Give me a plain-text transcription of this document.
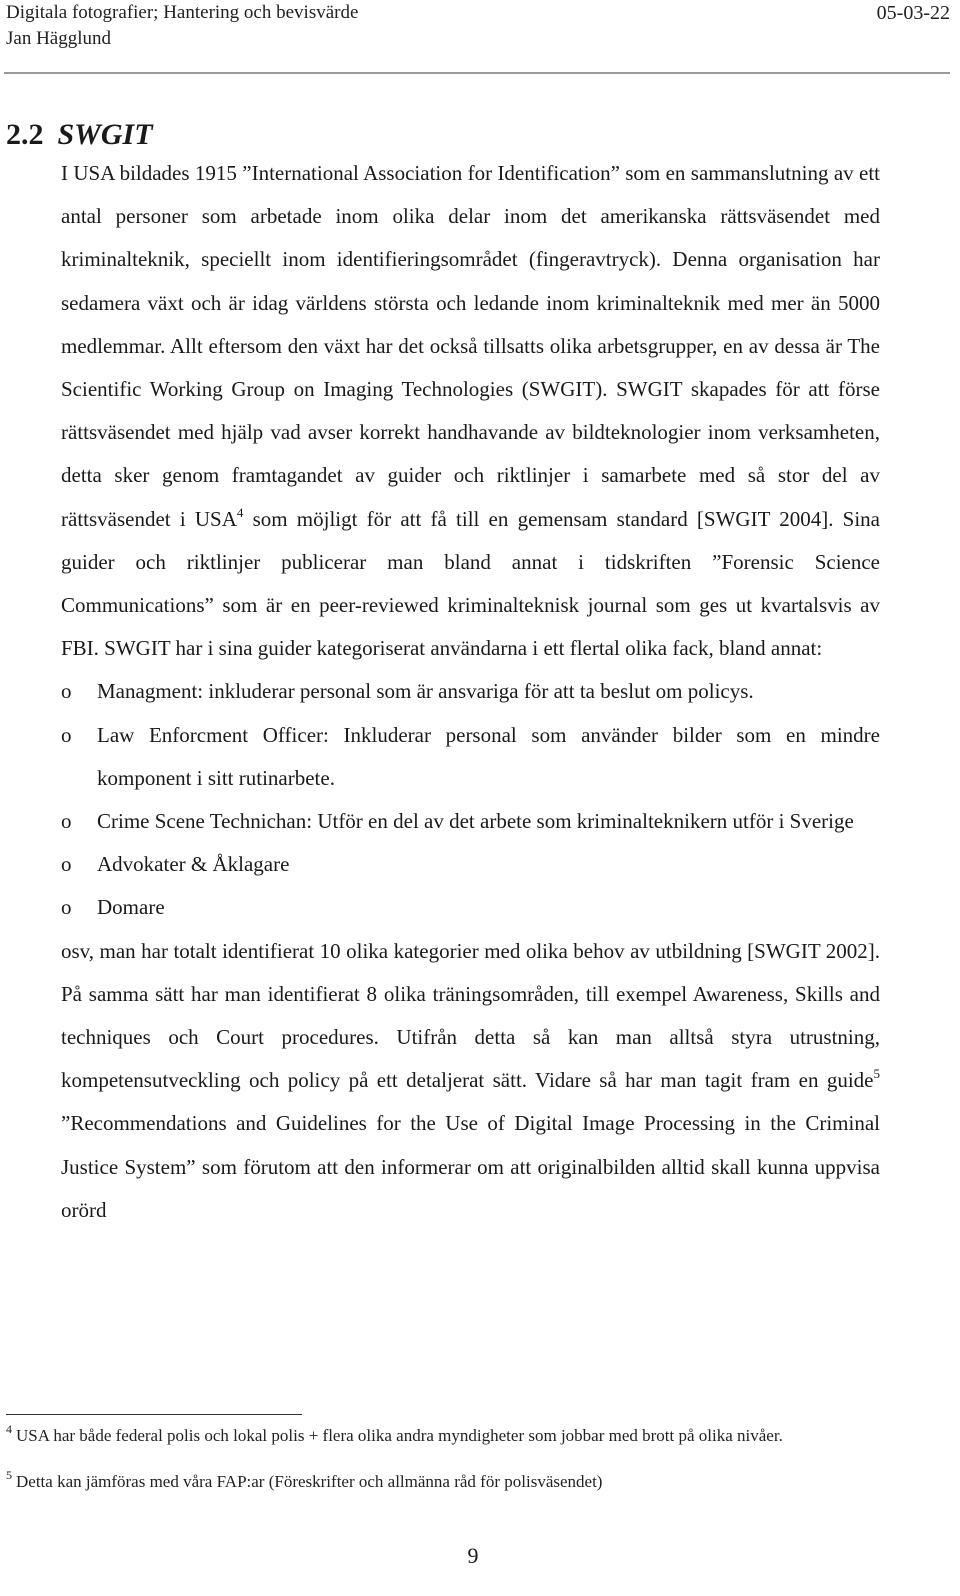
Digitala fotografier; Hantering och bevisvärde	05-03-22
Jan Hägglund
2.2 SWGIT

I USA bildades 1915 ”International Association for Identification” som en sammanslutning av ett antal personer som arbetade inom olika delar inom det amerikanska rättsväsendet med kriminalteknik, speciellt inom identifieringsområdet (fingeravtryck). Denna organisation har sedamera växt och är idag världens största och ledande inom kriminalteknik med mer än 5000 medlemmar. Allt eftersom den växt har det också tillsatts olika arbetsgrupper, en av dessa är The Scientific Working Group on Imaging Technologies (SWGIT). SWGIT skapades för att förse rättsväsendet med hjälp vad avser korrekt handhavande av bildteknologier inom verksamheten, detta sker genom framtagandet av guider och riktlinjer i samarbete med så stor del av rättsväsendet i USA$^4$ som möjligt för att få till en gemensam standard [SWGIT 2004]. Sina guider och riktlinjer publicerar man bland annat i tidskriften ”Forensic Science Communications” som är en peer-reviewed kriminalteknisk journal som ges ut kvartalsvis av FBI. SWGIT har i sina guider kategoriserat användarna i ett flertal olika fack, bland annat:

o Managment: inkluderar personal som är ansvariga för att ta beslut om policys.
o Law Enforcment Officer: Inkluderar personal som använder bilder som en mindre komponent i sitt rutinarbete.
o Crime Scene Technichan: Utför en del av det arbete som kriminalteknikern utför i Sverige
o Advokater & Åklagare
o Domare

osv, man har totalt identifierat 10 olika kategorier med olika behov av utbildning [SWGIT 2002]. På samma sätt har man identifierat 8 olika träningsområden, till exempel Awareness, Skills and techniques och Court procedures. Utifrån detta så kan man alltså styra utrustning, kompetensutveckling och policy på ett detaljerat sätt. Vidare så har man tagit fram en guide$^5$ ”Recommendations and Guidelines for the Use of Digital Image Processing in the Criminal Justice System” som förutom att den informerar om att originalbilden alltid skall kunna uppvisa orörd

$^4$ USA har både federal polis och lokal polis + flera olika andra myndigheter som jobbar med brott på olika nivåer.

$^5$ Detta kan jämföras med våra FAP:ar (Föreskrifter och allmänna råd för polisväsendet)

9
